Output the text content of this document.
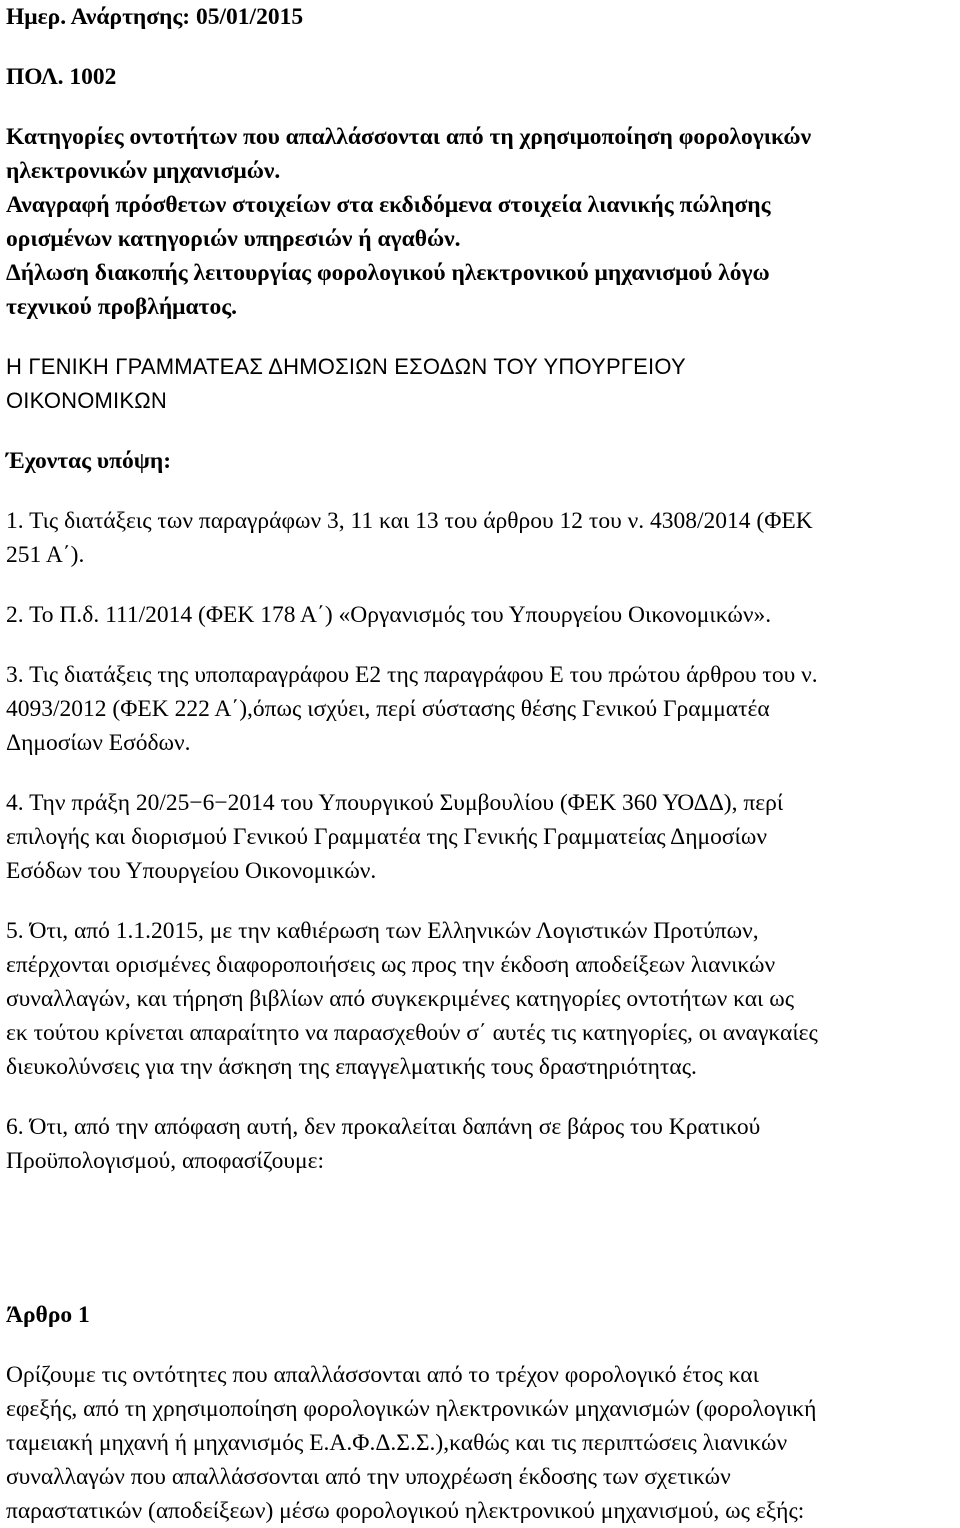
Ημερ. Ανάρτησης: 05/01/2015

ΠΟΛ. 1002

Κατηγορίες οντοτήτων που απαλλάσσονται από τη χρησιμοποίηση φορολογικών

ηλεκτρονικών μηχανισμών.

Αναγραφή πρόσθετων στοιχείων στα εκδιδόμενα στοιχεία λιανικής πώλησης

ορισμένων κατηγοριών υπηρεσιών ή αγαθών.

Δήλωση διακοπής λειτουργίας φορολογικού ηλεκτρονικού μηχανισμού λόγω

τεχνικού προβλήματος.

Η ΓΕΝΙΚΗ ΓΡΑΜΜΑΤΕΑΣ ΔΗΜΟΣΙΩΝ ΕΣΟΔΩΝ ΤΟΥ ΥΠΟΥΡΓΕΙΟΥ

ΟΙΚΟΝΟΜΙΚΩΝ

Έχοντας υπόψη:

1. Τις διατάξεις των παραγράφων 3, 11 και 13 του άρθρου 12 του ν. 4308/2014 (ΦΕΚ

251 Α΄).

2. Το Π.δ. 111/2014 (ΦΕΚ 178 Α΄) «Οργανισμός του Υπουργείου Οικονομικών».

3. Τις διατάξεις της υποπαραγράφου Ε2 της παραγράφου Ε του πρώτου άρθρου του ν.

4093/2012 (ΦΕΚ 222 Α΄),όπως ισχύει, περί σύστασης θέσης Γενικού Γραμματέα

Δημοσίων Εσόδων.

4. Την πράξη 20/25−6−2014 του Υπουργικού Συμβουλίου (ΦΕΚ 360 ΥΟΔΔ), περί

επιλογής και διορισμού Γενικού Γραμματέα της Γενικής Γραμματείας Δημοσίων

Εσόδων του Υπουργείου Οικονομικών.

5. Ότι, από 1.1.2015, με την καθιέρωση των Ελληνικών Λογιστικών Προτύπων,

επέρχονται ορισμένες διαφοροποιήσεις ως προς την έκδοση αποδείξεων λιανικών

συναλλαγών, και τήρηση βιβλίων από συγκεκριμένες κατηγορίες οντοτήτων και ως

εκ τούτου κρίνεται απαραίτητο να παρασχεθούν σ΄ αυτές τις κατηγορίες, οι αναγκαίες

διευκολύνσεις για την άσκηση της επαγγελματικής τους δραστηριότητας.

6. Ότι, από την απόφαση αυτή, δεν προκαλείται δαπάνη σε βάρος του Κρατικού

Προϋπολογισμού, αποφασίζουμε:

Άρθρο 1

Ορίζουμε τις οντότητες που απαλλάσσονται από το τρέχον φορολογικό έτος και

εφεξής, από τη χρησιμοποίηση φορολογικών ηλεκτρονικών μηχανισμών (φορολογική

ταμειακή μηχανή ή μηχανισμός Ε.Α.Φ.Δ.Σ.Σ.),καθώς και τις περιπτώσεις λιανικών

συναλλαγών που απαλλάσσονται από την υποχρέωση έκδοσης των σχετικών

παραστατικών (αποδείξεων) μέσω φορολογικού ηλεκτρονικού μηχανισμού, ως εξής:
